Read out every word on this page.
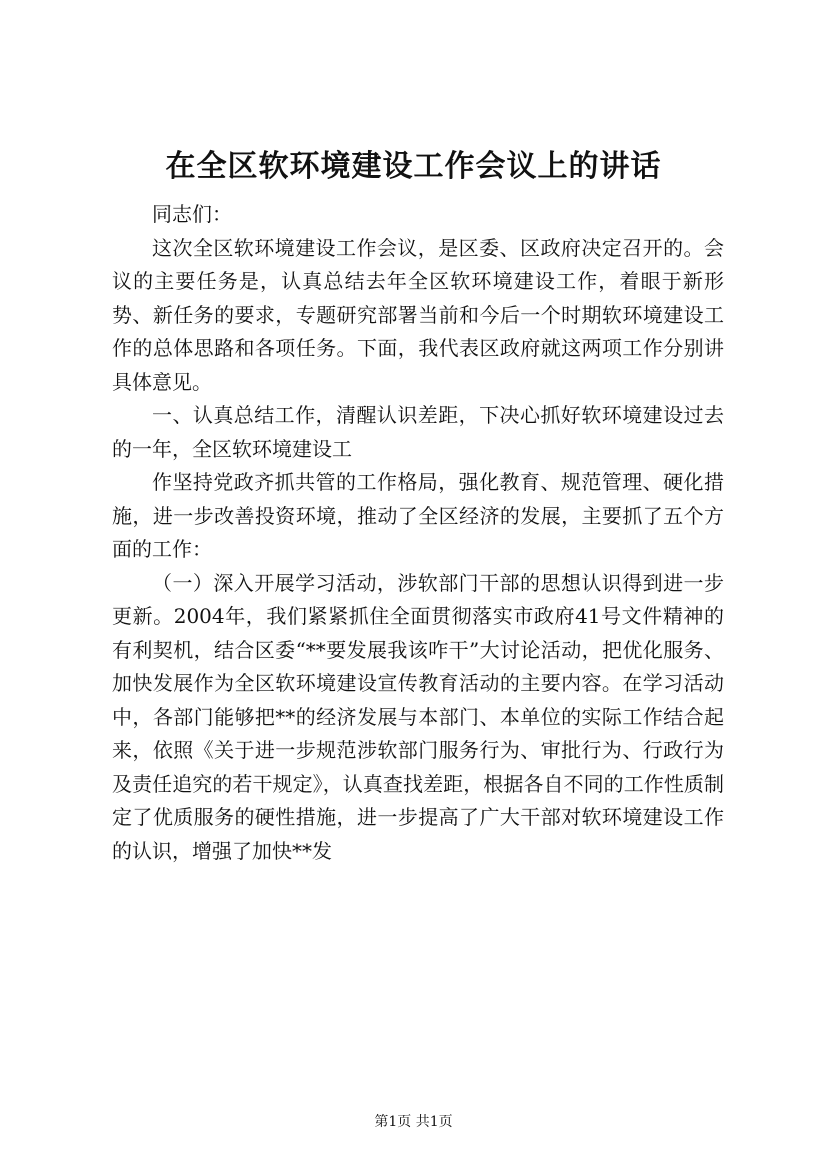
在全区软环境建设工作会议上的讲话

同志们：

这次全区软环境建设工作会议，是区委、区政府决定召开的。会议的主要任务是，认真总结去年全区软环境建设工作，着眼于新形势、新任务的要求，专题研究部署当前和今后一个时期软环境建设工作的总体思路和各项任务。下面，我代表区政府就这两项工作分别讲具体意见。

一、认真总结工作，清醒认识差距，下决心抓好软环境建设过去的一年，全区软环境建设工

作坚持党政齐抓共管的工作格局，强化教育、规范管理、硬化措施，进一步改善投资环境，推动了全区经济的发展，主要抓了五个方面的工作：

（一）深入开展学习活动，涉软部门干部的思想认识得到进一步更新。2004年，我们紧紧抓住全面贯彻落实市政府41号文件精神的有利契机，结合区委“**要发展我该咋干”大讨论活动，把优化服务、加快发展作为全区软环境建设宣传教育活动的主要内容。在学习活动中，各部门能够把**的经济发展与本部门、本单位的实际工作结合起来，依照《关于进一步规范涉软部门服务行为、审批行为、行政行为及责任追究的若干规定》，认真查找差距，根据各自不同的工作性质制定了优质服务的硬性措施，进一步提高了广大干部对软环境建设工作的认识，增强了加快**发

第1页 共1页
